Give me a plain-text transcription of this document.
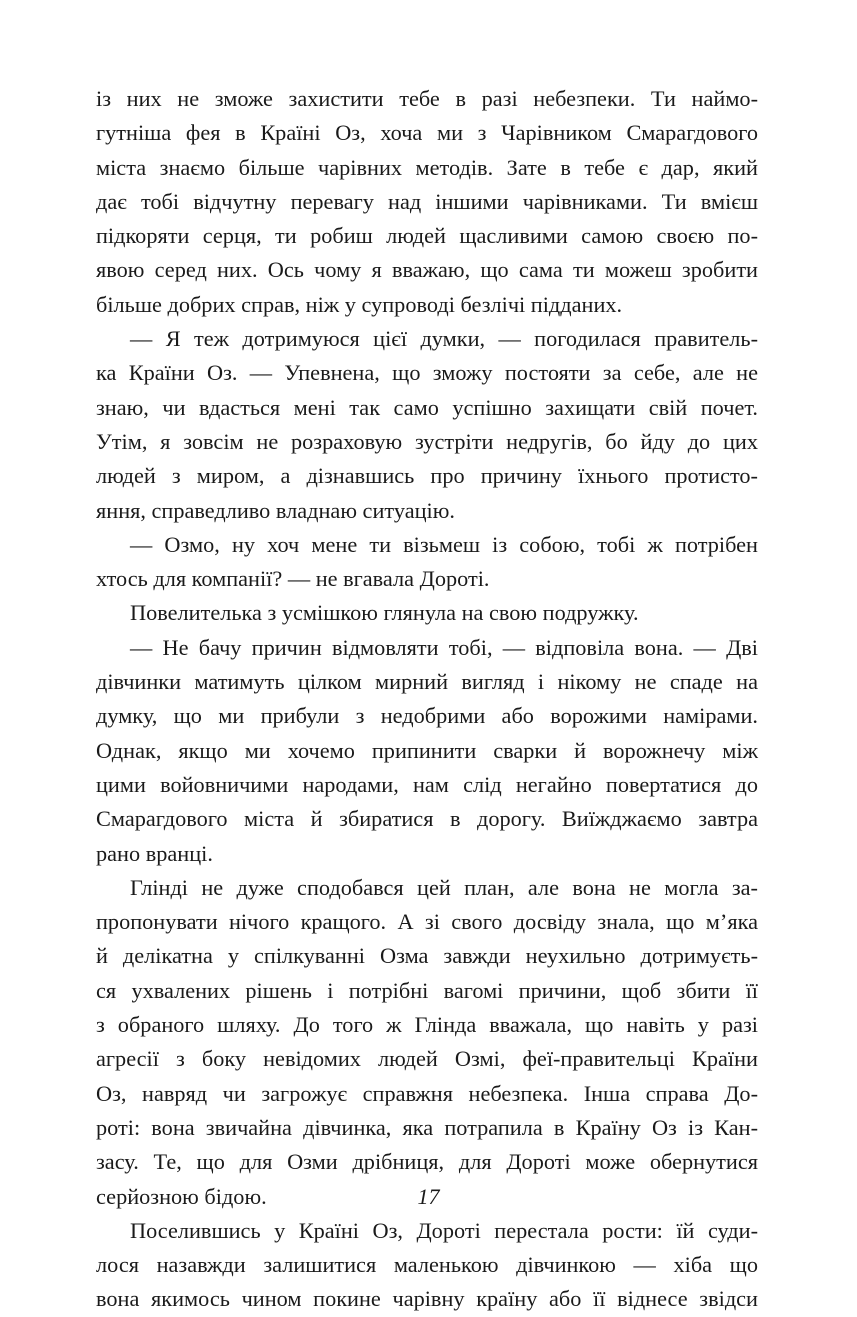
із них не зможе захистити тебе в разі небезпеки. Ти наймо-
гутніша фея в Країні Оз, хоча ми з Чарівником Смарагдового
міста знаємо більше чарівних методів. Зате в тебе є дар, який
дає тобі відчутну перевагу над іншими чарівниками. Ти вмієш
підкоряти серця, ти робиш людей щасливими самою своєю по-
явою серед них. Ось чому я вважаю, що сама ти можеш зробити
більше добрих справ, ніж у супроводі безлічі підданих.
— Я теж дотримуюся цієї думки, — погодилася правитель-
ка Країни Оз. — Упевнена, що зможу постояти за себе, але не
знаю, чи вдасться мені так само успішно захищати свій почет.
Утім, я зовсім не розраховую зустріти недругів, бо йду до цих
людей з миром, а дізнавшись про причину їхнього протисто-
яння, справедливо владнаю ситуацію.
— Озмо, ну хоч мене ти візьмеш із собою, тобі ж потрібен
хтось для компанії? — не вгавала Дороті.
Повелителька з усмішкою глянула на свою подружку.
— Не бачу причин відмовляти тобі, — відповіла вона. — Дві
дівчинки матимуть цілком мирний вигляд і нікому не спаде на
думку, що ми прибули з недобрими або ворожими намірами.
Однак, якщо ми хочемо припинити сварки й ворожнечу між
цими войовничими народами, нам слід негайно повертатися до
Смарагдового міста й збиратися в дорогу. Виїжджаємо завтра
рано вранці.
Глінді не дуже сподобався цей план, але вона не могла за-
пропонувати нічого кращого. А зі свого досвіду знала, що м’яка
й делікатна у спілкуванні Озма завжди неухильно дотримуєть-
ся ухвалених рішень і потрібні вагомі причини, щоб збити її
з обраного шляху. До того ж Глінда вважала, що навіть у разі
агресії з боку невідомих людей Озмі, феї-правительці Країни
Оз, навряд чи загрожує справжня небезпека. Інша справа До-
роті: вона звичайна дівчинка, яка потрапила в Країну Оз із Кан-
засу. Те, що для Озми дрібниця, для Дороті може обернутися
серйозною бідою.
Поселившись у Країні Оз, Дороті перестала рости: їй суди-
лося назавжди залишитися маленькою дівчинкою — хіба що
вона якимось чином покине чарівну країну або її віднесе звідси
17
